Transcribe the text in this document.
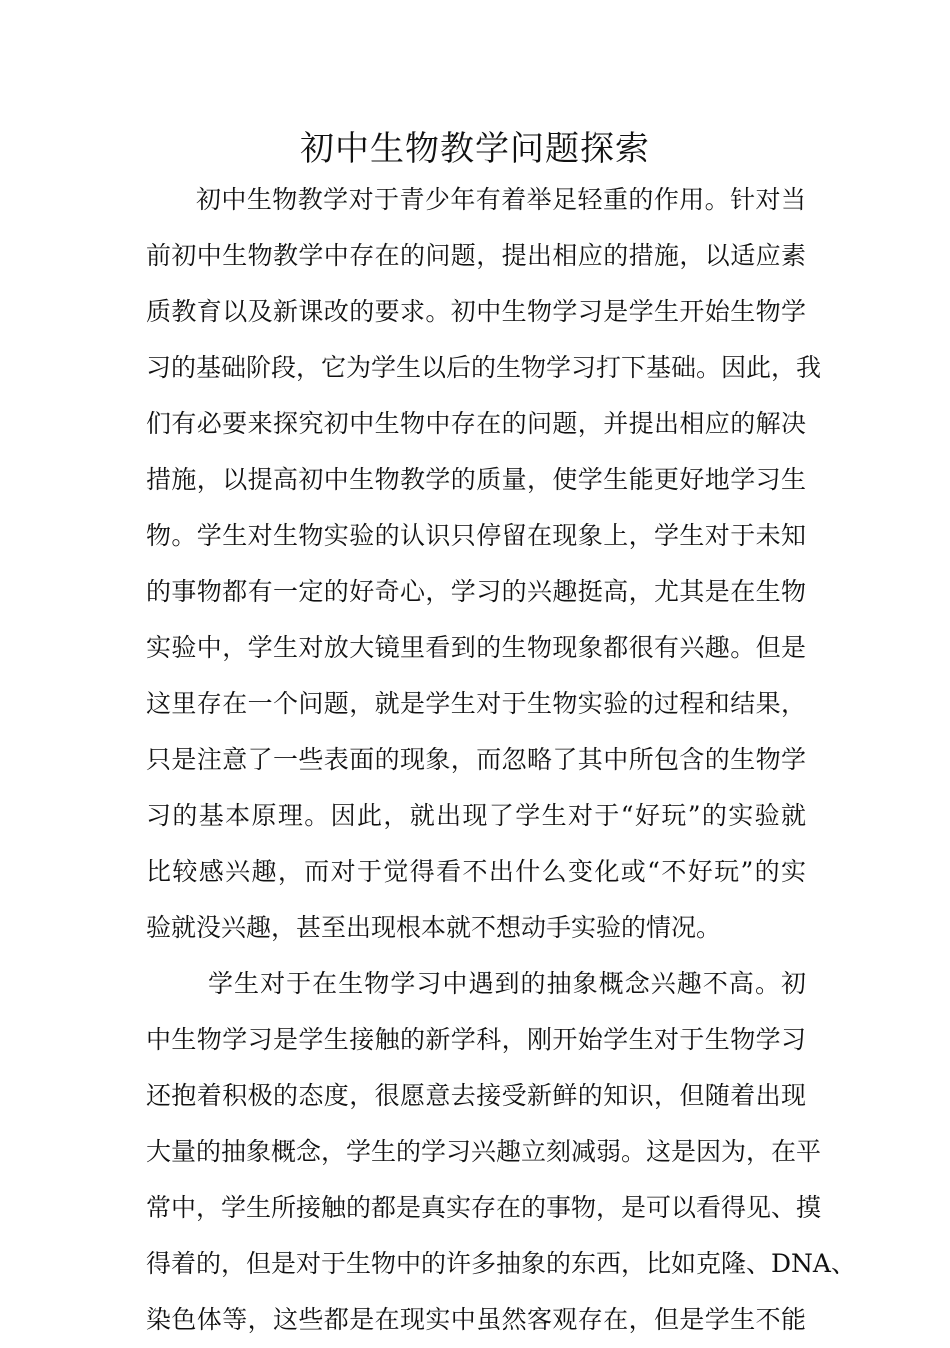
初中生物教学问题探索
初中生物教学对于青少年有着举足轻重的作用。针对当
前初中生物教学中存在的问题，提出相应的措施，以适应素
质教育以及新课改的要求。初中生物学习是学生开始生物学
习的基础阶段，它为学生以后的生物学习打下基础。因此，我
们有必要来探究初中生物中存在的问题，并提出相应的解决
措施，以提高初中生物教学的质量，使学生能更好地学习生
物。学生对生物实验的认识只停留在现象上，学生对于未知
的事物都有一定的好奇心，学习的兴趣挺高，尤其是在生物
实验中，学生对放大镜里看到的生物现象都很有兴趣。但是
这里存在一个问题，就是学生对于生物实验的过程和结果，
只是注意了一些表面的现象，而忽略了其中所包含的生物学
习的基本原理。因此，就出现了学生对于“好玩”的实验就
比较感兴趣，而对于觉得看不出什么变化或“不好玩”的实
验就没兴趣，甚至出现根本就不想动手实验的情况。
学生对于在生物学习中遇到的抽象概念兴趣不高。初
中生物学习是学生接触的新学科，刚开始学生对于生物学习
还抱着积极的态度，很愿意去接受新鲜的知识，但随着出现
大量的抽象概念，学生的学习兴趣立刻减弱。这是因为，在平
常中，学生所接触的都是真实存在的事物，是可以看得见、摸
得着的，但是对于生物中的许多抽象的东西，比如克隆、DNA、
染色体等，这些都是在现实中虽然客观存在，但是学生不能
